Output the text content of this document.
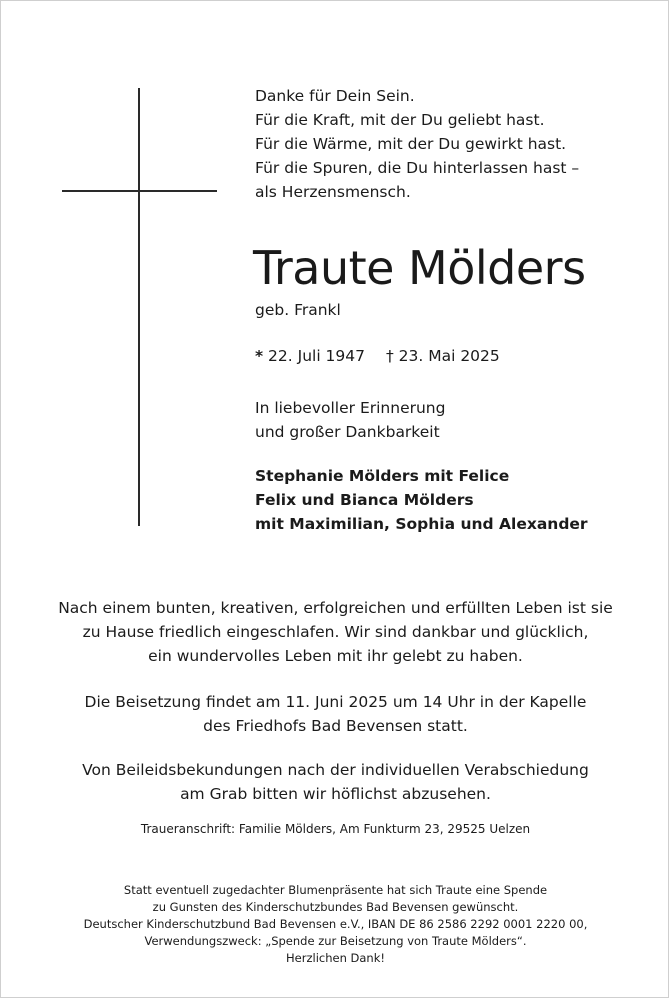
Danke für Dein Sein.
Für die Kraft, mit der Du geliebt hast.
Für die Wärme, mit der Du gewirkt hast.
Für die Spuren, die Du hinterlassen hast –
als Herzensmensch.
Traute Mölders
geb. Frankl
* 22. Juli 1947 † 23. Mai 2025
In liebevoller Erinnerung
und großer Dankbarkeit
Stephanie Mölders mit Felice
Felix und Bianca Mölders
mit Maximilian, Sophia und Alexander
Nach einem bunten, kreativen, erfolgreichen und erfüllten Leben ist sie
zu Hause friedlich eingeschlafen. Wir sind dankbar und glücklich,
ein wundervolles Leben mit ihr gelebt zu haben.
Die Beisetzung findet am 11. Juni 2025 um 14 Uhr in der Kapelle
des Friedhofs Bad Bevensen statt.
Von Beileidsbekundungen nach der individuellen Verabschiedung
am Grab bitten wir höflichst abzusehen.
Traueranschrift: Familie Mölders, Am Funkturm 23, 29525 Uelzen
Statt eventuell zugedachter Blumenpräsente hat sich Traute eine Spende
zu Gunsten des Kinderschutzbundes Bad Bevensen gewünscht.
Deutscher Kinderschutzbund Bad Bevensen e.V., IBAN DE 86 2586 2292 0001 2220 00,
Verwendungszweck: „Spende zur Beisetzung von Traute Mölders“.
Herzlichen Dank!
